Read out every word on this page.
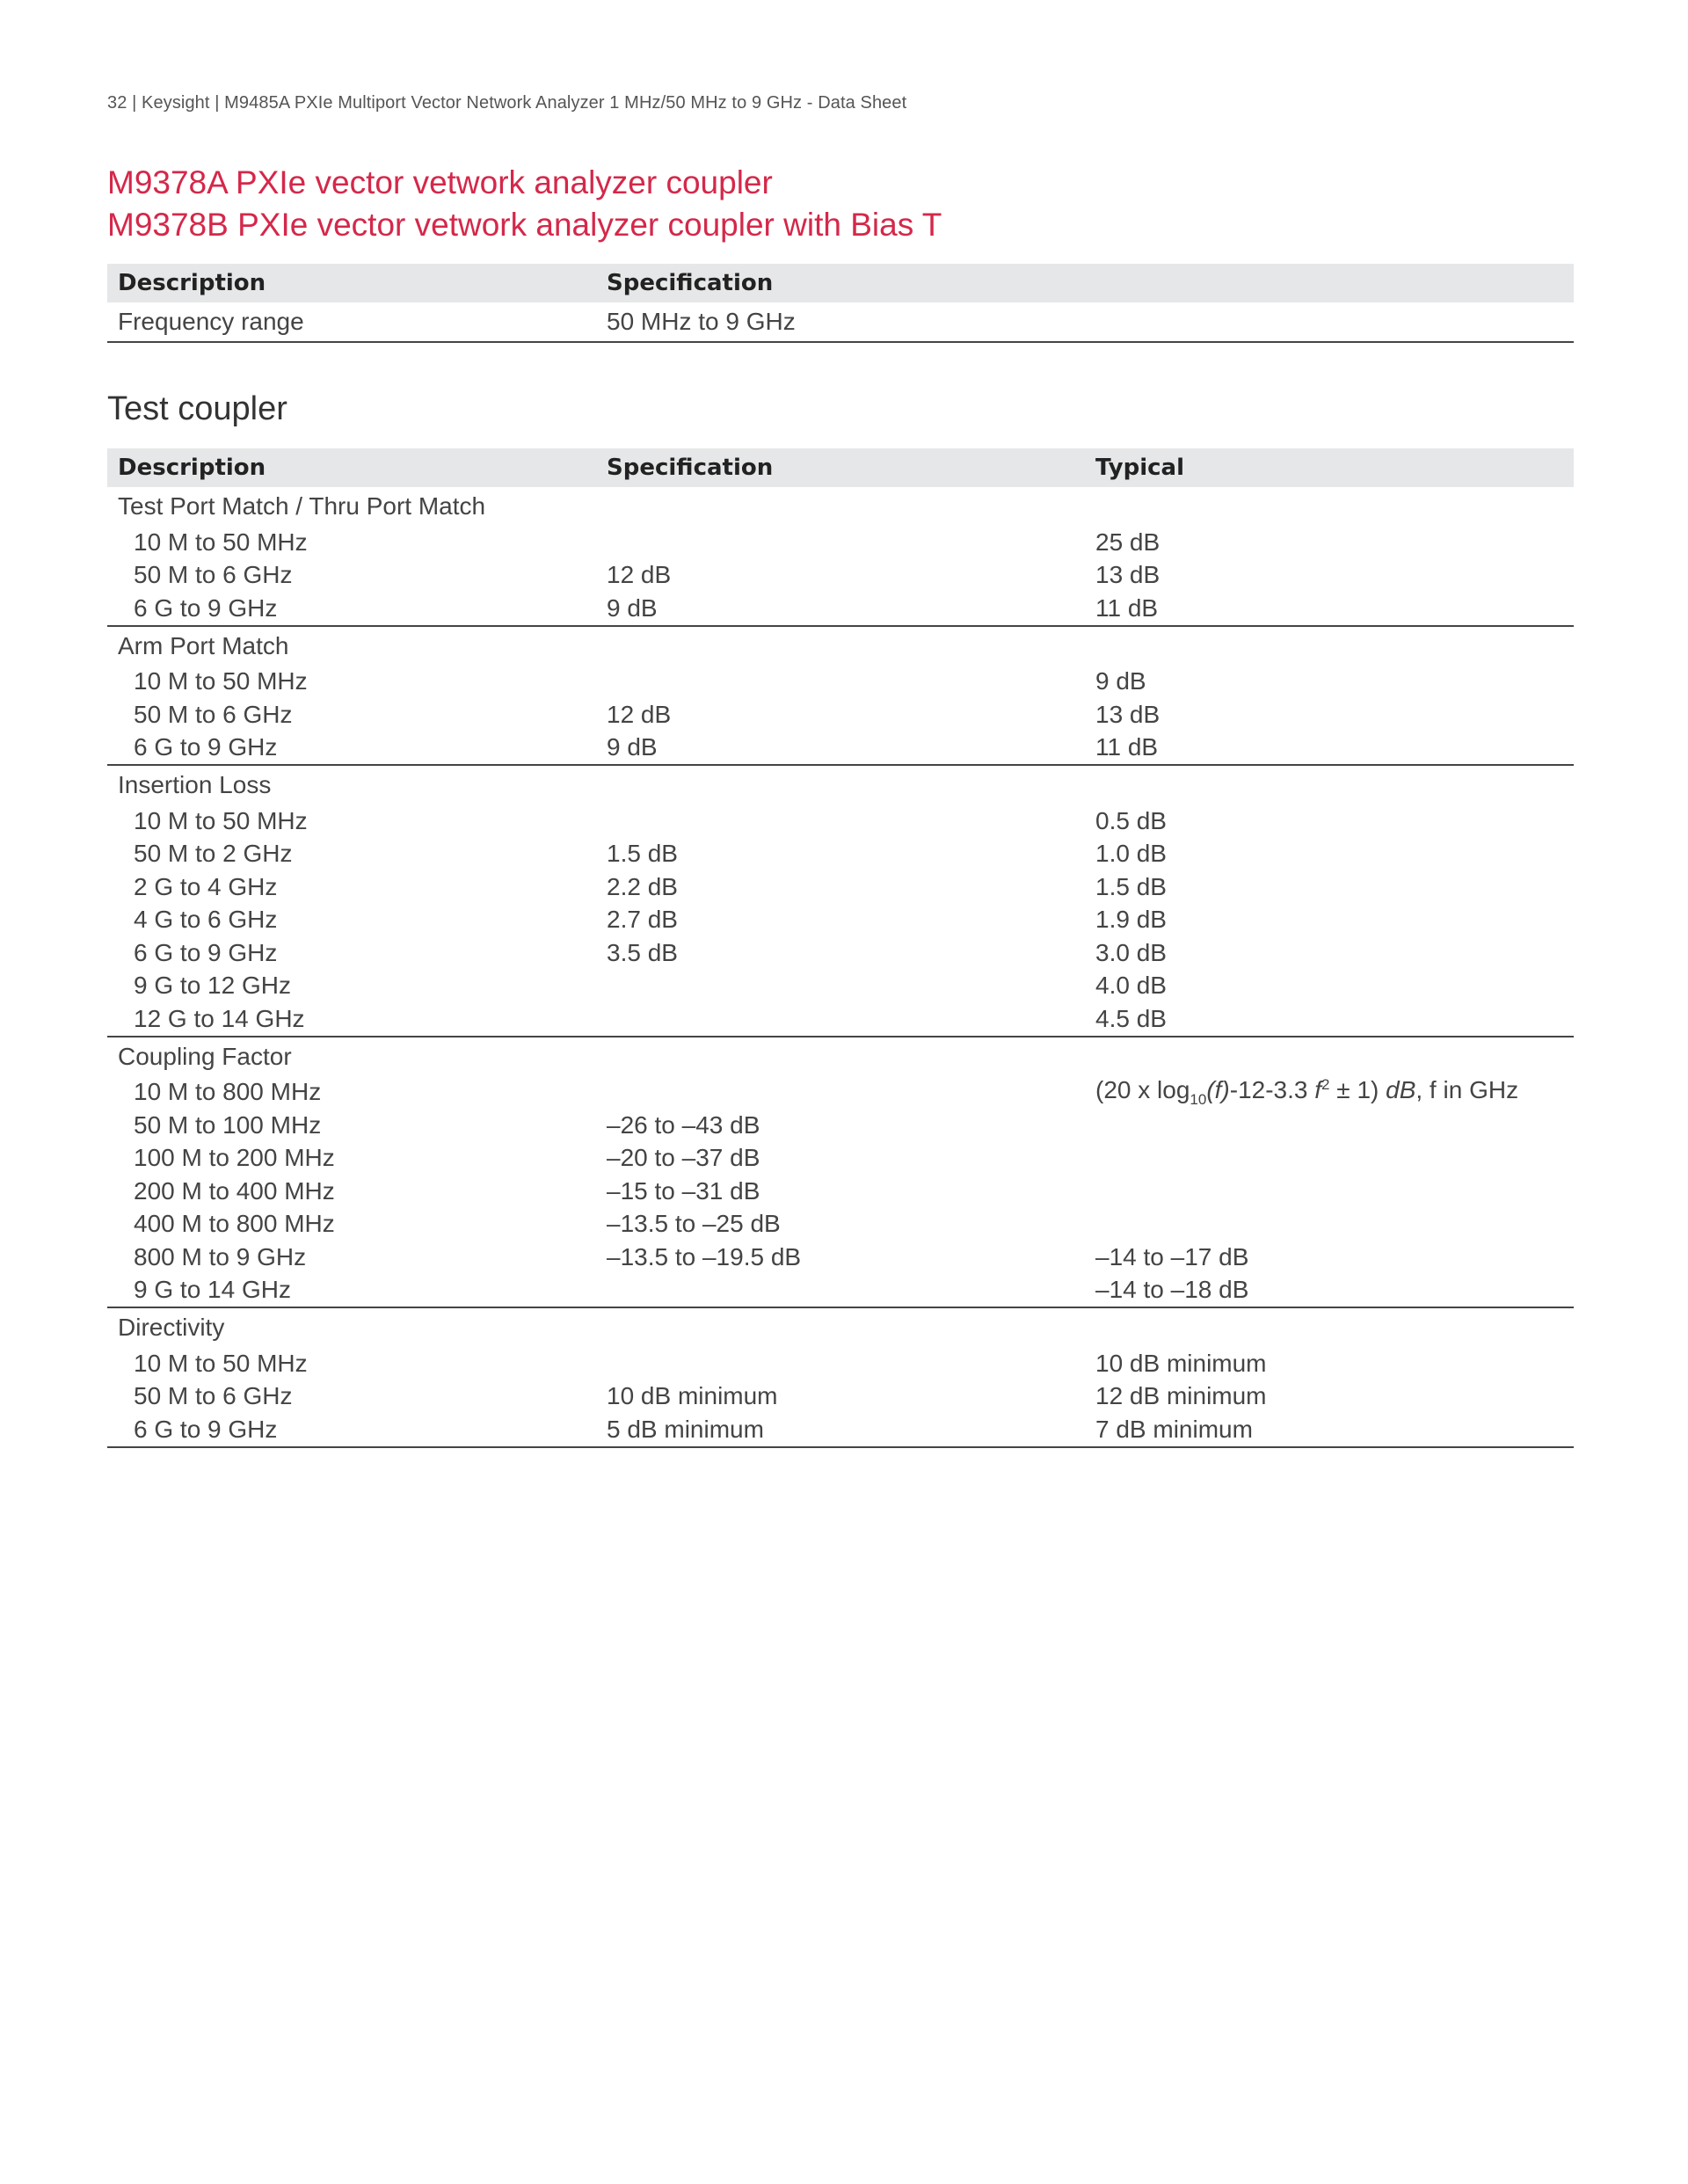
32 | Keysight | M9485A PXIe Multiport Vector Network Analyzer 1 MHz/50 MHz to 9 GHz - Data Sheet
M9378A PXIe vector vetwork analyzer coupler
M9378B PXIe vector vetwork analyzer coupler with Bias T
Description	Specification
Frequency range	50 MHz to 9 GHz
Test coupler
Description	Specification	Typical
Test Port Match / Thru Port Match		
10 M to 50 MHz		25 dB
50 M to 6 GHz	12 dB	13 dB
6 G to 9 GHz	9 dB	11 dB
Arm Port Match		
10 M to 50 MHz		9 dB
50 M to 6 GHz	12 dB	13 dB
6 G to 9 GHz	9 dB	11 dB
Insertion Loss		
10 M to 50 MHz		0.5 dB
50 M to 2 GHz	1.5 dB	1.0 dB
2 G to 4 GHz	2.2 dB	1.5 dB
4 G to 6 GHz	2.7 dB	1.9 dB
6 G to 9 GHz	3.5 dB	3.0 dB
9 G to 12 GHz		4.0 dB
12 G to 14 GHz		4.5 dB
Coupling Factor		
10 M to 800 MHz		(20 x $\log_{10}(f)-12-3.3$ $f^2 \pm 1$) dB, f in GHz
50 M to 100 MHz	–26 to –43 dB	
100 M to 200 MHz	–20 to –37 dB	
200 M to 400 MHz	–15 to –31 dB	
400 M to 800 MHz	–13.5 to –25 dB	
800 M to 9 GHz	–13.5 to –19.5 dB	–14 to –17 dB
9 G to 14 GHz		–14 to –18 dB
Directivity		
10 M to 50 MHz		10 dB minimum
50 M to 6 GHz	10 dB minimum	12 dB minimum
6 G to 9 GHz	5 dB minimum	7 dB minimum
